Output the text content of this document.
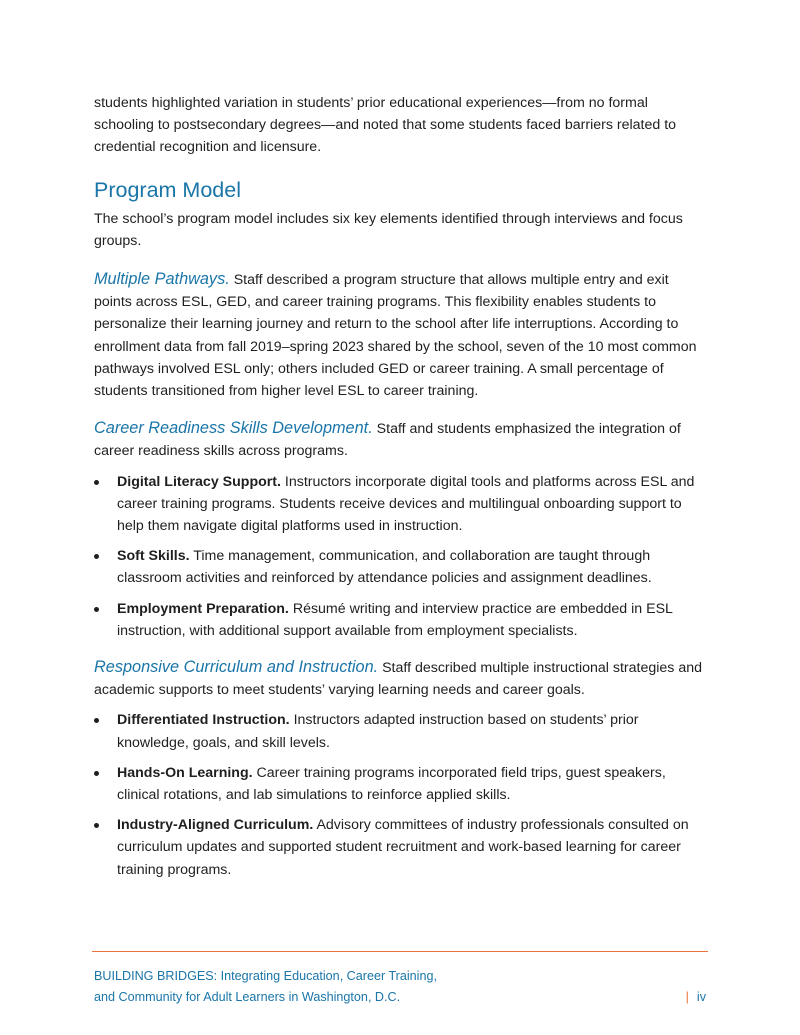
students highlighted variation in students’ prior educational experiences—from no formal schooling to postsecondary degrees—and noted that some students faced barriers related to credential recognition and licensure.

Program Model

The school’s program model includes six key elements identified through interviews and focus groups.

Multiple Pathways. Staff described a program structure that allows multiple entry and exit points across ESL, GED, and career training programs. This flexibility enables students to personalize their learning journey and return to the school after life interruptions. According to enrollment data from fall 2019–spring 2023 shared by the school, seven of the 10 most common pathways involved ESL only; others included GED or career training. A small percentage of students transitioned from higher level ESL to career training.

Career Readiness Skills Development. Staff and students emphasized the integration of career readiness skills across programs.

Digital Literacy Support. Instructors incorporate digital tools and platforms across ESL and career training programs. Students receive devices and multilingual onboarding support to help them navigate digital platforms used in instruction.
Soft Skills. Time management, communication, and collaboration are taught through classroom activities and reinforced by attendance policies and assignment deadlines.
Employment Preparation. Résumé writing and interview practice are embedded in ESL instruction, with additional support available from employment specialists.

Responsive Curriculum and Instruction. Staff described multiple instructional strategies and academic supports to meet students’ varying learning needs and career goals.

Differentiated Instruction. Instructors adapted instruction based on students’ prior knowledge, goals, and skill levels.
Hands-On Learning. Career training programs incorporated field trips, guest speakers, clinical rotations, and lab simulations to reinforce applied skills.
Industry-Aligned Curriculum. Advisory committees of industry professionals consulted on curriculum updates and supported student recruitment and work-based learning for career training programs.
BUILDING BRIDGES: Integrating Education, Career Training,
and Community for Adult Learners in Washington, D.C.	| iv
